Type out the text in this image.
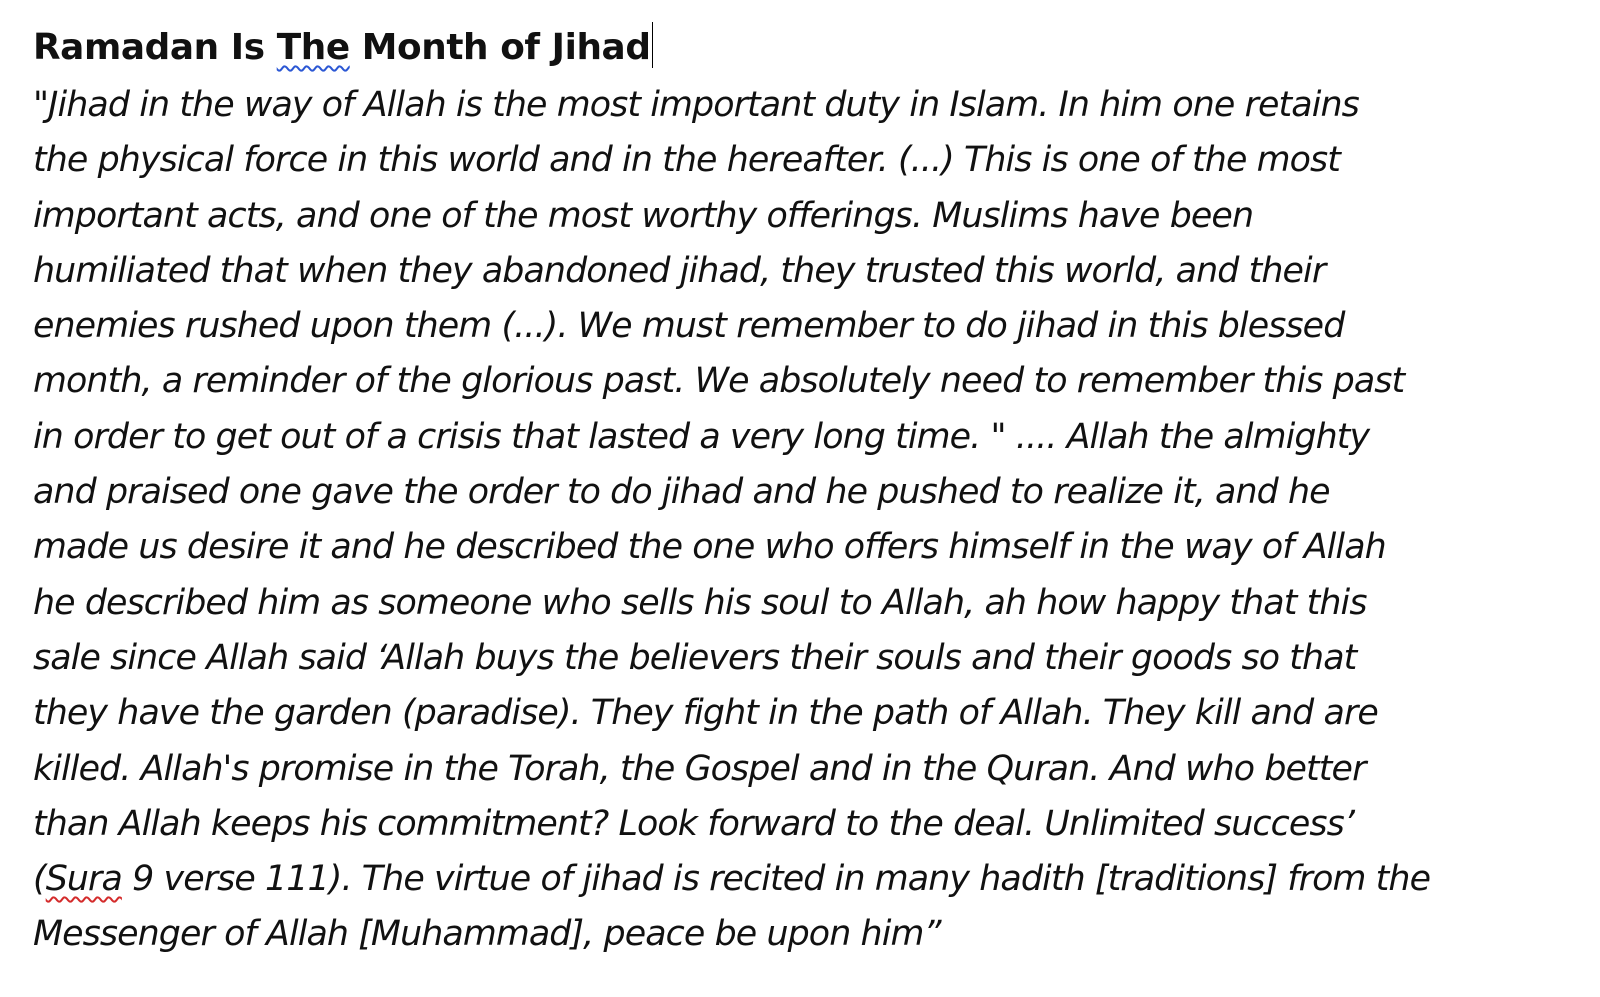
Ramadan Is The Month of Jihad
"Jihad in the way of Allah is the most important duty in Islam. In him one retains
the physical force in this world and in the hereafter. (...) This is one of the most
important acts, and one of the most worthy offerings. Muslims have been
humiliated that when they abandoned jihad, they trusted this world, and their
enemies rushed upon them (...). We must remember to do jihad in this blessed
month, a reminder of the glorious past. We absolutely need to remember this past
in order to get out of a crisis that lasted a very long time. " .... Allah the almighty
and praised one gave the order to do jihad and he pushed to realize it, and he
made us desire it and he described the one who offers himself in the way of Allah
he described him as someone who sells his soul to Allah, ah how happy that this
sale since Allah said ‘Allah buys the believers their souls and their goods so that
they have the garden (paradise). They fight in the path of Allah. They kill and are
killed. Allah's promise in the Torah, the Gospel and in the Quran. And who better
than Allah keeps his commitment? Look forward to the deal. Unlimited success’
(Sura 9 verse 111). The virtue of jihad is recited in many hadith [traditions] from the
Messenger of Allah [Muhammad], peace be upon him”
